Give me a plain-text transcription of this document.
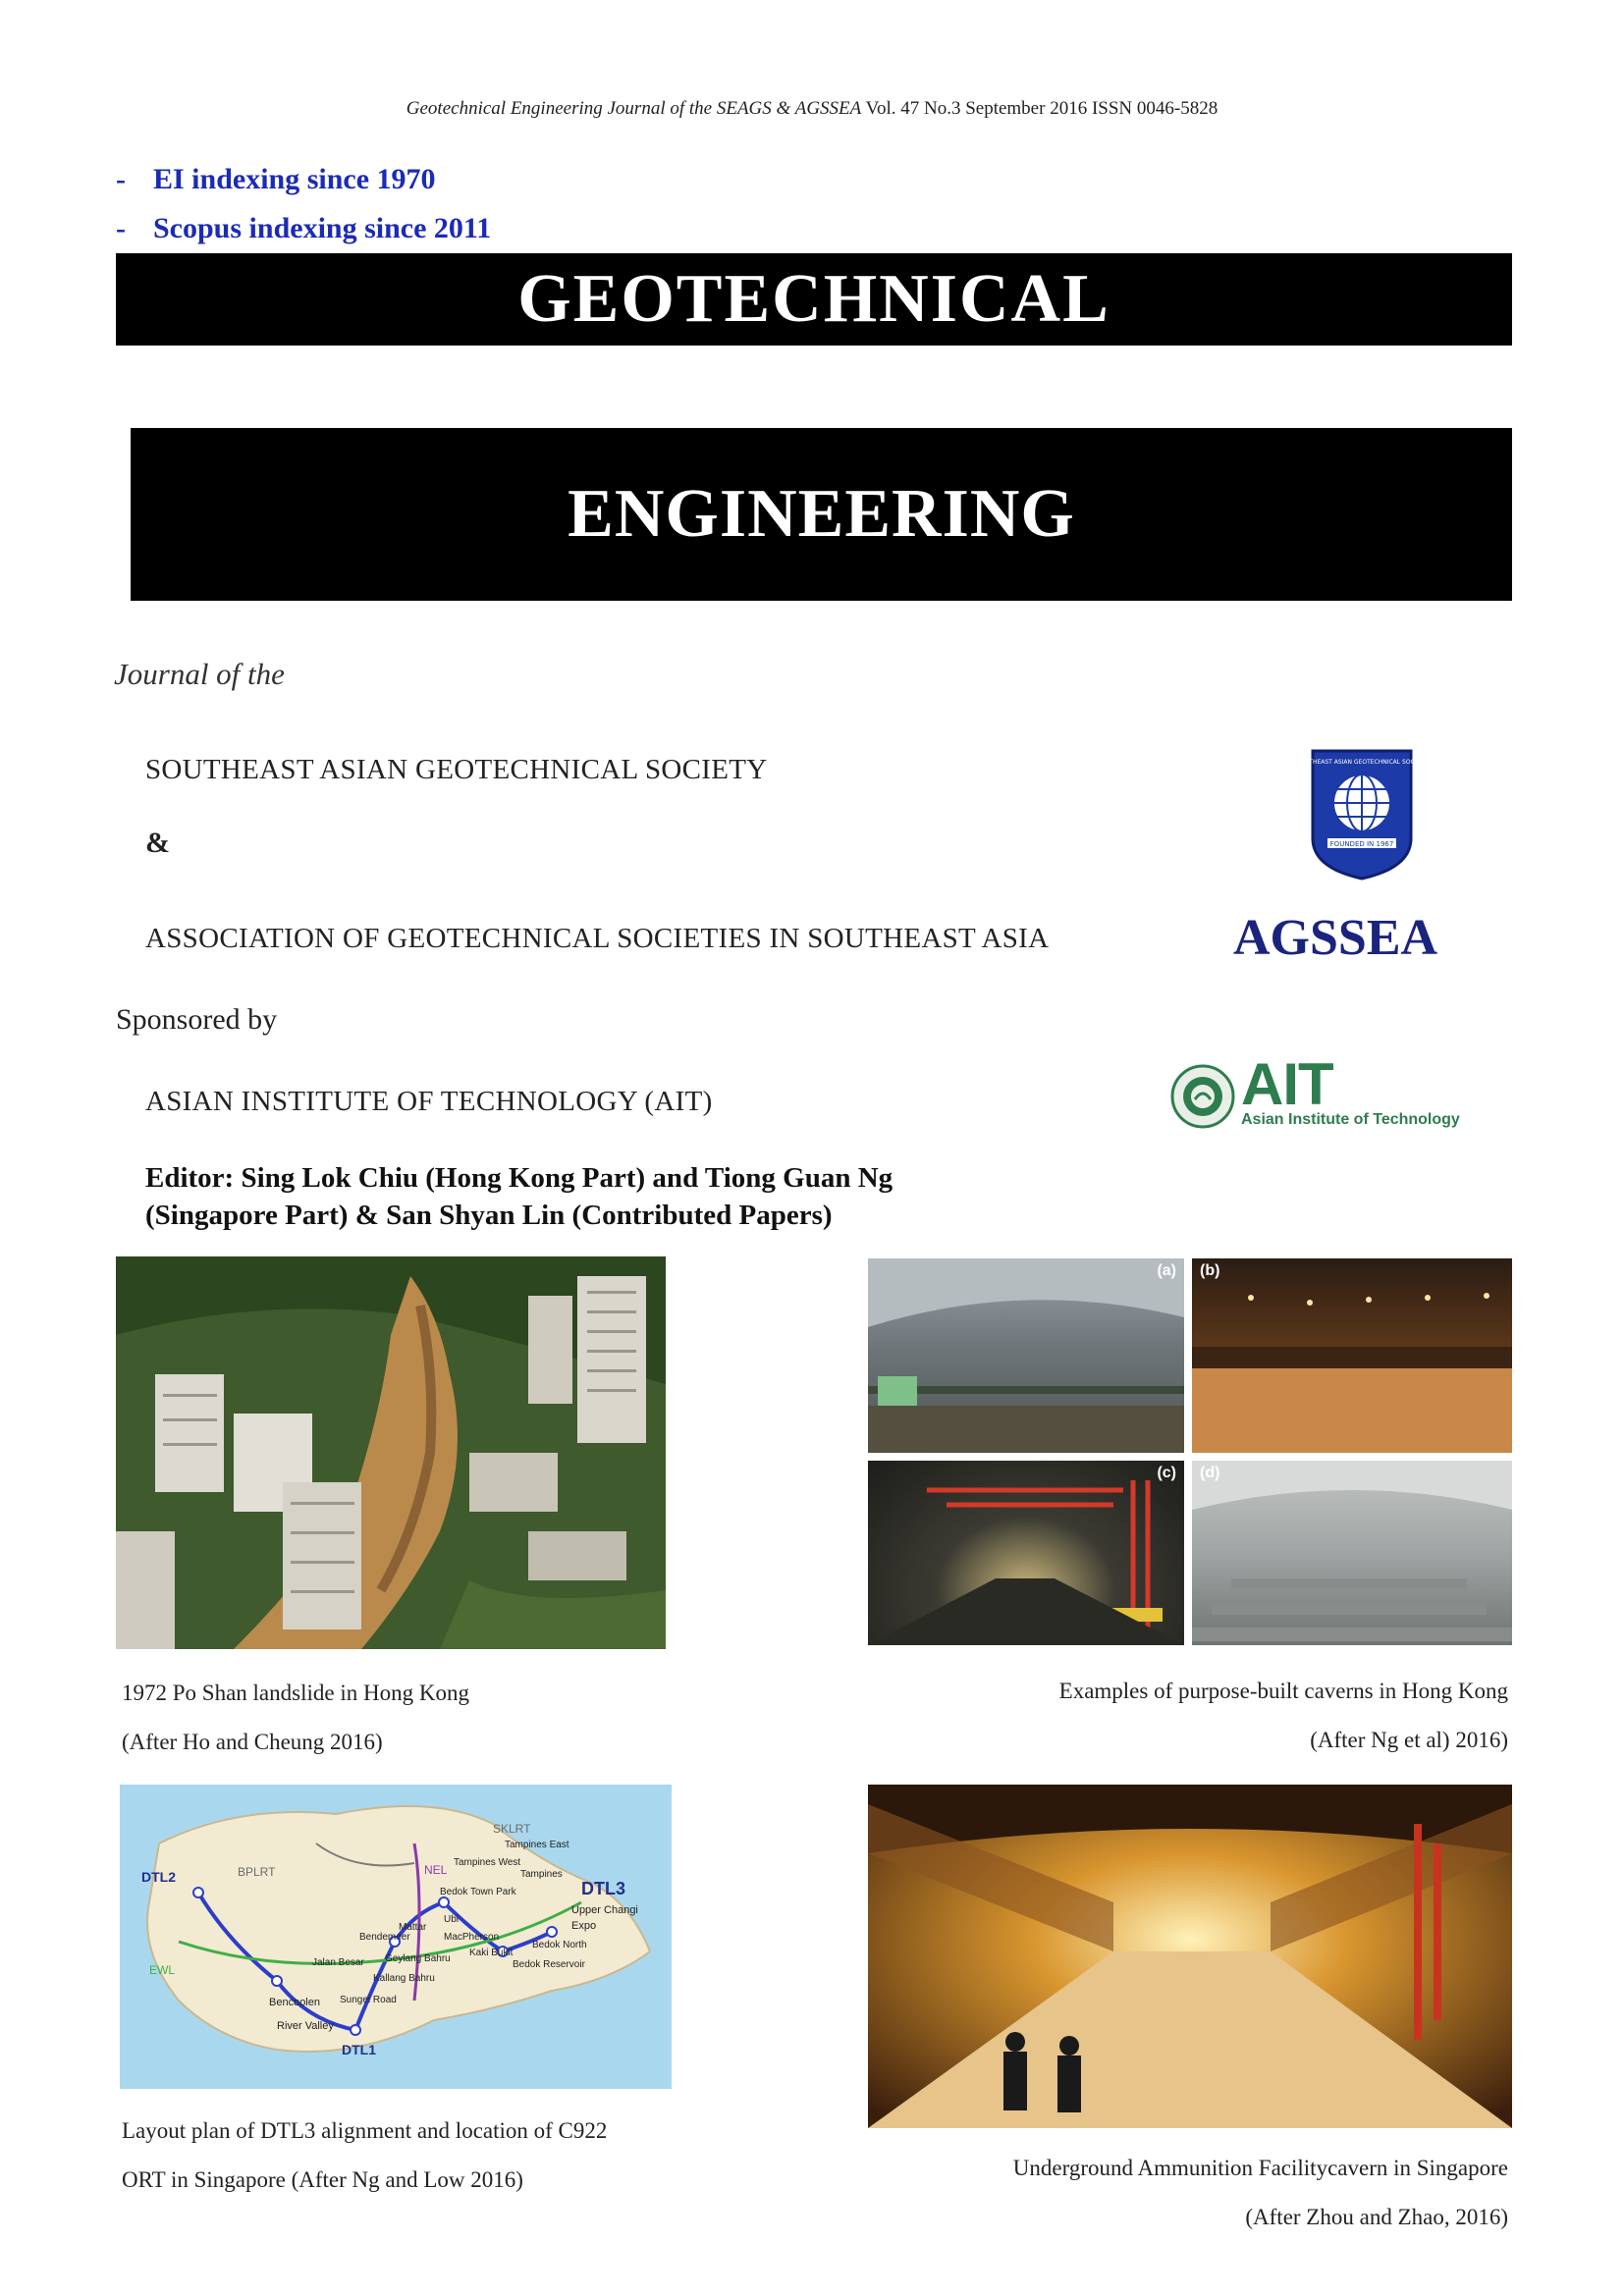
Geotechnical Engineering Journal of the SEAGS & AGSSEA Vol. 47 No.3 September 2016 ISSN 0046-5828
- EI indexing since 1970
- Scopus indexing since 2011
GEOTECHNICAL
ENGINEERING
Journal of the
SOUTHEAST ASIAN GEOTECHNICAL SOCIETY
&
ASSOCIATION OF GEOTECHNICAL SOCIETIES IN SOUTHEAST ASIA
SOUTHEAST ASIAN GEOTECHNICAL SOCIETY
FOUNDED IN 1967
AGSSEA
Sponsored by
ASIAN INSTITUTE OF TECHNOLOGY (AIT)	AIT
Asian Institute of Technology
Editor: Sing Lok Chiu (Hong Kong Part) and Tiong Guan Ng
(Singapore Part) & San Shyan Lin (Contributed Papers)
1972 Po Shan landslide in Hong Kong
(After Ho and Cheung 2016)
(a) (b)
(c) (d)
Examples of purpose-built caverns in Hong Kong
(After Ng et al) 2016)
DTL2
DTL3
DTL1
EWL
BPLRT
SKLRT
NEL
Upper Changi
Expo
Bencoolen
River Valley
Tampines East
Tampines West
Bedok Reservoir
Ubi
MacPherson
Kaki Bukit
Bedok North
Tampines
Bendemeer
Jalan Besar
Sungei Road
Kallang Bahru
Mattar
Geylang Bahru
Bedok Town Park
Layout plan of DTL3 alignment and location of C922
ORT in Singapore (After Ng and Low 2016)	Underground Ammunition Facilitycavern in Singapore
(After Zhou and Zhao, 2016)
